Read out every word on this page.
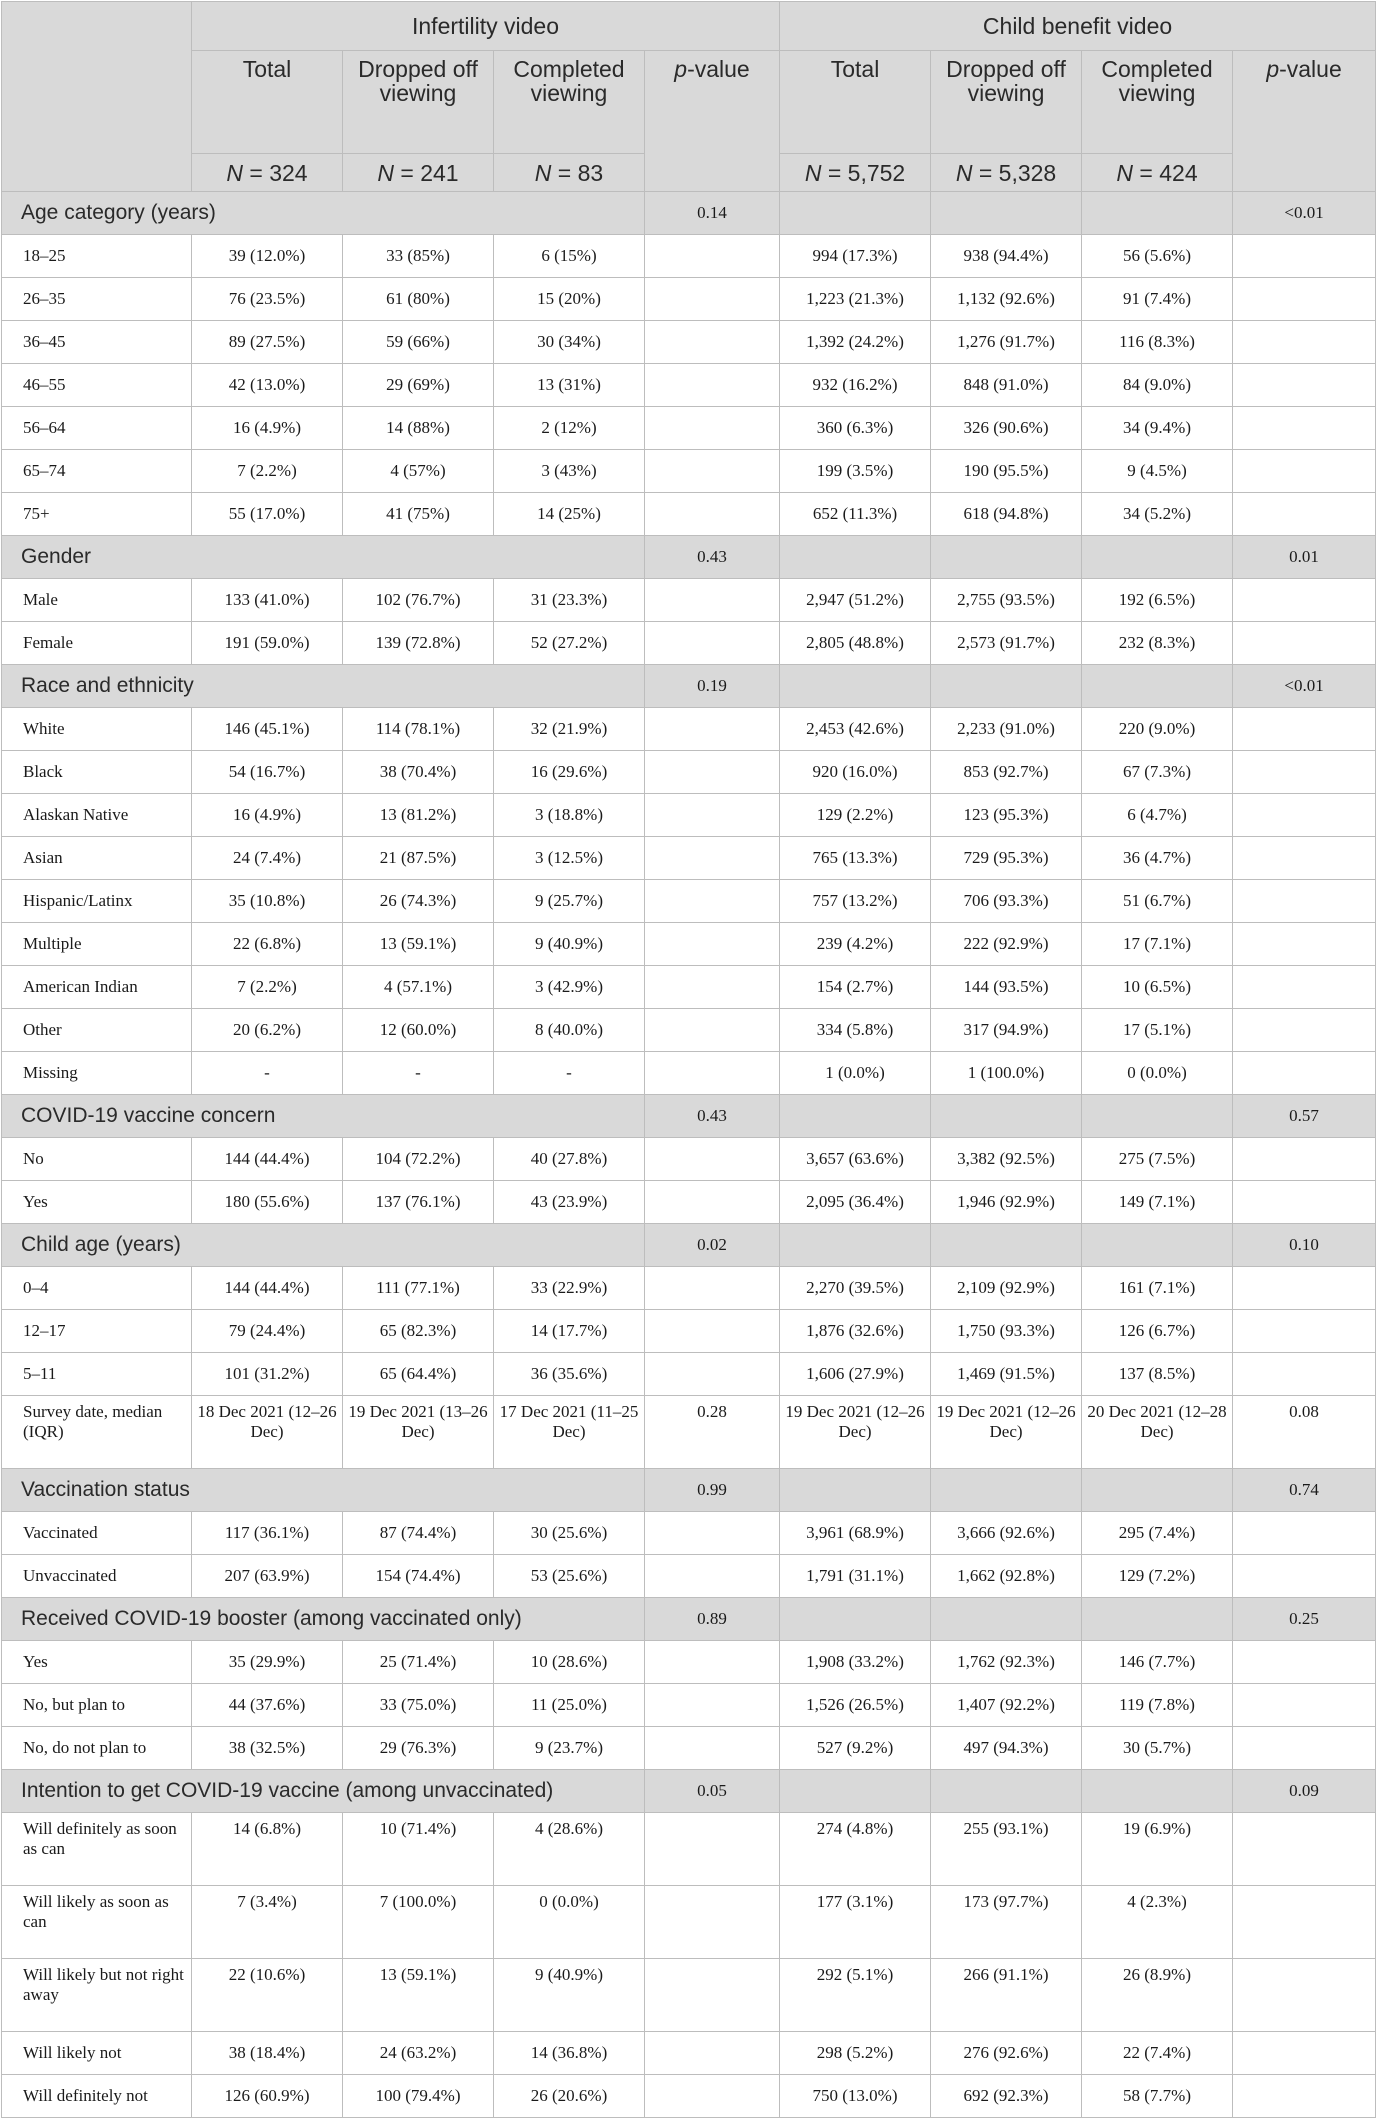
	Infertility video				Child benefit video			
	Total	Dropped off viewing	Completed viewing	p-value	Total	Dropped off viewing	Completed viewing	p-value
	N = 324	N = 241	N = 83		N = 5,752	N = 5,328	N = 424	
Age category (years)				0.14				<0.01
18–25	39 (12.0%)	33 (85%)	6 (15%)		994 (17.3%)	938 (94.4%)	56 (5.6%)	
26–35	76 (23.5%)	61 (80%)	15 (20%)		1,223 (21.3%)	1,132 (92.6%)	91 (7.4%)	
36–45	89 (27.5%)	59 (66%)	30 (34%)		1,392 (24.2%)	1,276 (91.7%)	116 (8.3%)	
46–55	42 (13.0%)	29 (69%)	13 (31%)		932 (16.2%)	848 (91.0%)	84 (9.0%)	
56–64	16 (4.9%)	14 (88%)	2 (12%)		360 (6.3%)	326 (90.6%)	34 (9.4%)	
65–74	7 (2.2%)	4 (57%)	3 (43%)		199 (3.5%)	190 (95.5%)	9 (4.5%)	
75+	55 (17.0%)	41 (75%)	14 (25%)		652 (11.3%)	618 (94.8%)	34 (5.2%)	
Gender				0.43				0.01
Male	133 (41.0%)	102 (76.7%)	31 (23.3%)		2,947 (51.2%)	2,755 (93.5%)	192 (6.5%)	
Female	191 (59.0%)	139 (72.8%)	52 (27.2%)		2,805 (48.8%)	2,573 (91.7%)	232 (8.3%)	
Race and ethnicity				0.19				<0.01
White	146 (45.1%)	114 (78.1%)	32 (21.9%)		2,453 (42.6%)	2,233 (91.0%)	220 (9.0%)	
Black	54 (16.7%)	38 (70.4%)	16 (29.6%)		920 (16.0%)	853 (92.7%)	67 (7.3%)	
Alaskan Native	16 (4.9%)	13 (81.2%)	3 (18.8%)		129 (2.2%)	123 (95.3%)	6 (4.7%)	
Asian	24 (7.4%)	21 (87.5%)	3 (12.5%)		765 (13.3%)	729 (95.3%)	36 (4.7%)	
Hispanic/Latinx	35 (10.8%)	26 (74.3%)	9 (25.7%)		757 (13.2%)	706 (93.3%)	51 (6.7%)	
Multiple	22 (6.8%)	13 (59.1%)	9 (40.9%)		239 (4.2%)	222 (92.9%)	17 (7.1%)	
American Indian	7 (2.2%)	4 (57.1%)	3 (42.9%)		154 (2.7%)	144 (93.5%)	10 (6.5%)	
Other	20 (6.2%)	12 (60.0%)	8 (40.0%)		334 (5.8%)	317 (94.9%)	17 (5.1%)	
Missing	-	-	-		1 (0.0%)	1 (100.0%)	0 (0.0%)	
COVID-19 vaccine concern				0.43				0.57
No	144 (44.4%)	104 (72.2%)	40 (27.8%)		3,657 (63.6%)	3,382 (92.5%)	275 (7.5%)	
Yes	180 (55.6%)	137 (76.1%)	43 (23.9%)		2,095 (36.4%)	1,946 (92.9%)	149 (7.1%)	
Child age (years)				0.02				0.10
0–4	144 (44.4%)	111 (77.1%)	33 (22.9%)		2,270 (39.5%)	2,109 (92.9%)	161 (7.1%)	
12–17	79 (24.4%)	65 (82.3%)	14 (17.7%)		1,876 (32.6%)	1,750 (93.3%)	126 (6.7%)	
5–11	101 (31.2%)	65 (64.4%)	36 (35.6%)		1,606 (27.9%)	1,469 (91.5%)	137 (8.5%)	
Survey date, median (IQR)	18 Dec 2021 (12–26 Dec)	19 Dec 2021 (13–26 Dec)	17 Dec 2021 (11–25 Dec)	0.28	19 Dec 2021 (12–26 Dec)	19 Dec 2021 (12–26 Dec)	20 Dec 2021 (12–28 Dec)	0.08
Vaccination status				0.99				0.74
Vaccinated	117 (36.1%)	87 (74.4%)	30 (25.6%)		3,961 (68.9%)	3,666 (92.6%)	295 (7.4%)	
Unvaccinated	207 (63.9%)	154 (74.4%)	53 (25.6%)		1,791 (31.1%)	1,662 (92.8%)	129 (7.2%)	
Received COVID-19 booster (among vaccinated only)				0.89				0.25
Yes	35 (29.9%)	25 (71.4%)	10 (28.6%)		1,908 (33.2%)	1,762 (92.3%)	146 (7.7%)	
No, but plan to	44 (37.6%)	33 (75.0%)	11 (25.0%)		1,526 (26.5%)	1,407 (92.2%)	119 (7.8%)	
No, do not plan to	38 (32.5%)	29 (76.3%)	9 (23.7%)		527 (9.2%)	497 (94.3%)	30 (5.7%)	
Intention to get COVID-19 vaccine (among unvaccinated)				0.05				0.09
Will definitely as soon as can	14 (6.8%)	10 (71.4%)	4 (28.6%)		274 (4.8%)	255 (93.1%)	19 (6.9%)	
Will likely as soon as can	7 (3.4%)	7 (100.0%)	0 (0.0%)		177 (3.1%)	173 (97.7%)	4 (2.3%)	
Will likely but not right away	22 (10.6%)	13 (59.1%)	9 (40.9%)		292 (5.1%)	266 (91.1%)	26 (8.9%)	
Will likely not	38 (18.4%)	24 (63.2%)	14 (36.8%)		298 (5.2%)	276 (92.6%)	22 (7.4%)	
Will definitely not	126 (60.9%)	100 (79.4%)	26 (20.6%)		750 (13.0%)	692 (92.3%)	58 (7.7%)	
